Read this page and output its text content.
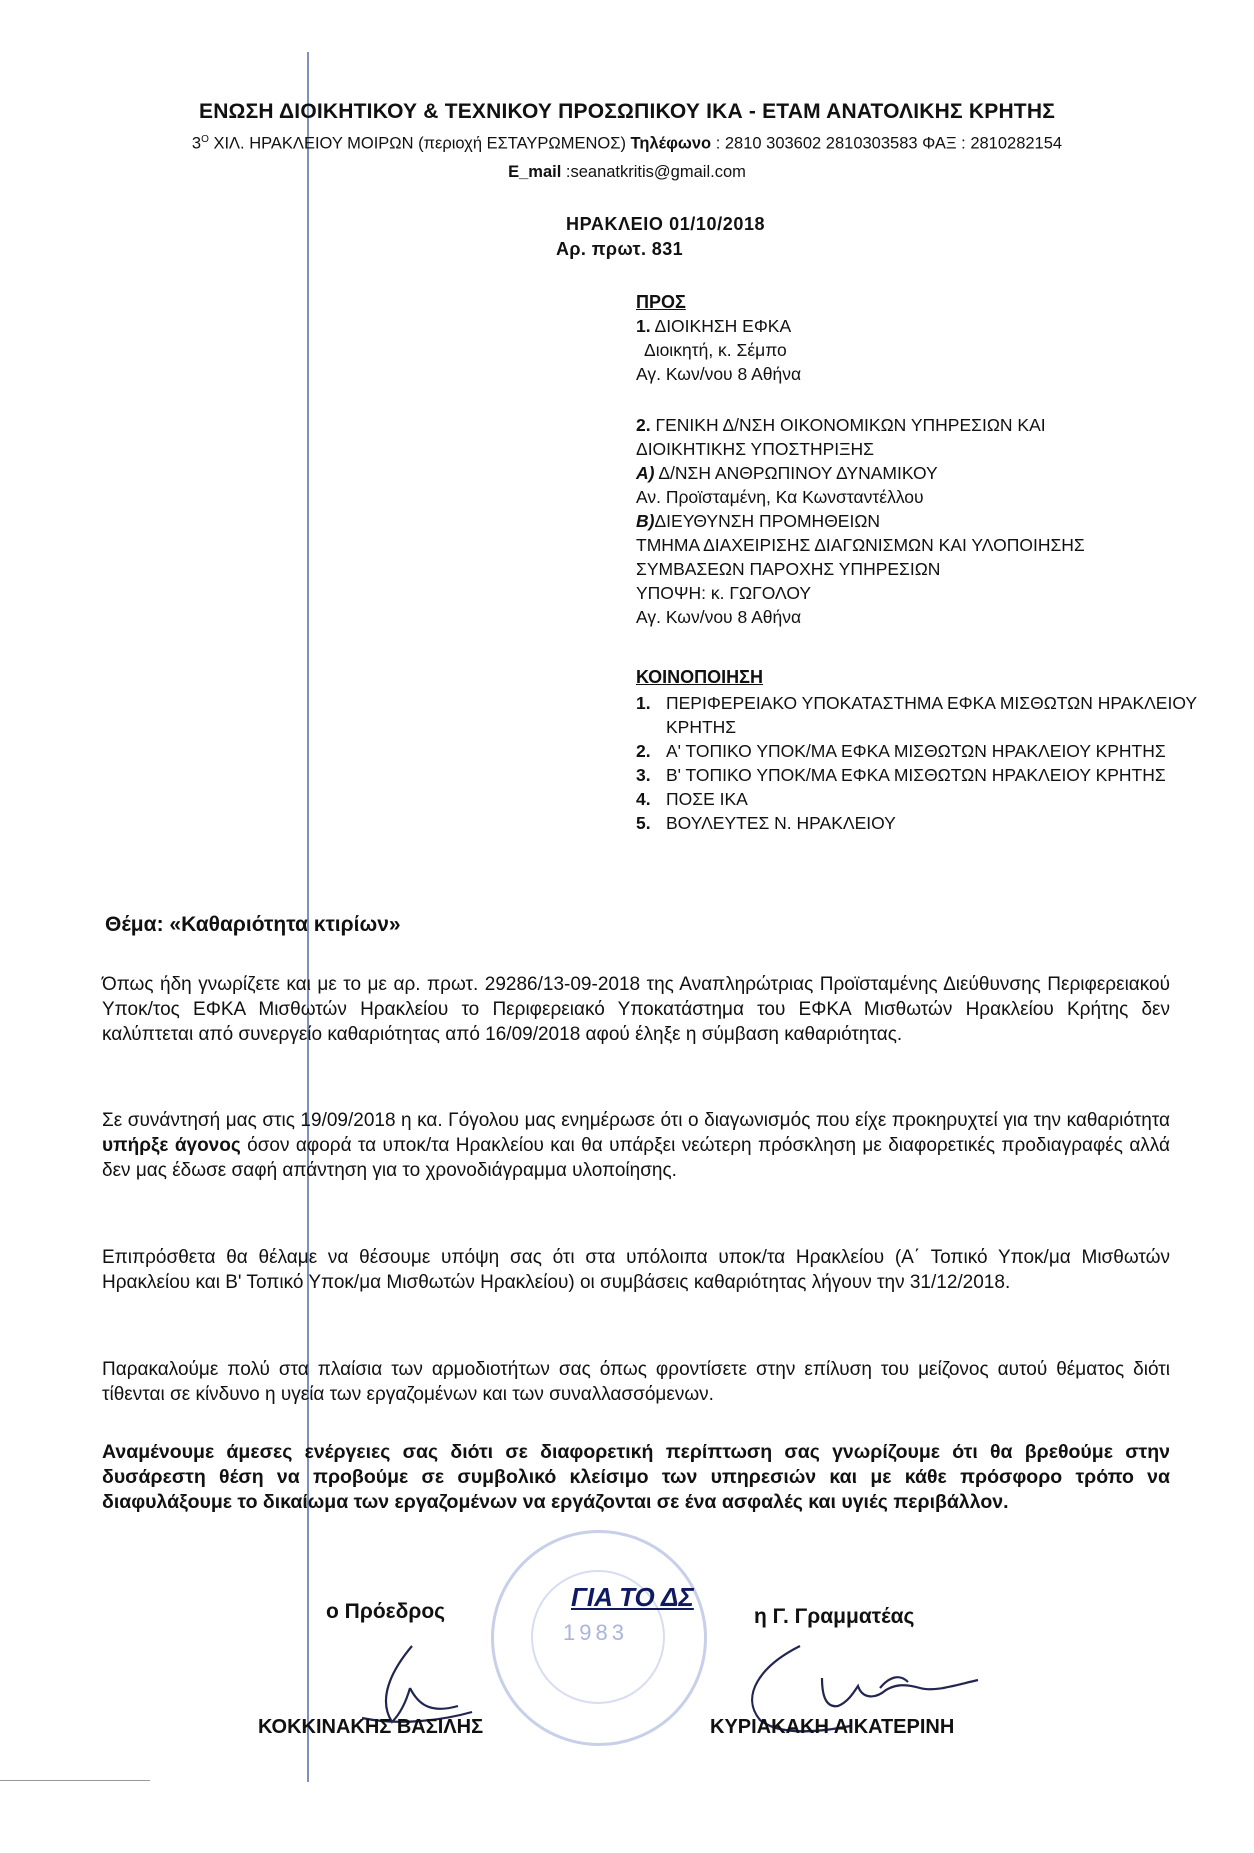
ΕΝΩΣΗ ΔΙΟΙΚΗΤΙΚΟΥ & ΤΕΧΝΙΚΟΥ ΠΡΟΣΩΠΙΚΟΥ ΙΚΑ - ΕΤΑΜ ΑΝΑΤΟΛΙΚΗΣ ΚΡΗΤΗΣ
$3^O$ ΧΙΛ. ΗΡΑΚΛΕΙΟΥ ΜΟΙΡΩΝ (περιοχή ΕΣΤΑΥΡΩΜΕΝΟΣ) Τηλέφωνο : 2810 303602 2810303583 ΦΑΞ : 2810282154
E_mail :seanatkritis@gmail.com
ΗΡΑΚΛΕΙΟ 01/10/2018
Αρ. πρωτ. 831
ΠΡΟΣ
1. ΔΙΟΙΚΗΣΗ ΕΦΚΑ
Διοικητή, κ. Σέμπο
Αγ. Κων/νου 8 Αθήνα
2. ΓΕΝΙΚΗ Δ/ΝΣΗ ΟΙΚΟΝΟΜΙΚΩΝ ΥΠΗΡΕΣΙΩΝ ΚΑΙ
ΔΙΟΙΚΗΤΙΚΗΣ ΥΠΟΣΤΗΡΙΞΗΣ
Α) Δ/ΝΣΗ ΑΝΘΡΩΠΙΝΟΥ ΔΥΝΑΜΙΚΟΥ
Αν. Προϊσταμένη, Κα Κωνσταντέλλου
Β)ΔΙΕΥΘΥΝΣΗ ΠΡΟΜΗΘΕΙΩΝ
ΤΜΗΜΑ ΔΙΑΧΕΙΡΙΣΗΣ ΔΙΑΓΩΝΙΣΜΩΝ ΚΑΙ ΥΛΟΠΟΙΗΣΗΣ
ΣΥΜΒΑΣΕΩΝ ΠΑΡΟΧΗΣ ΥΠΗΡΕΣΙΩΝ
ΥΠΟΨΗ: κ. ΓΩΓΟΛΟΥ
Αγ. Κων/νου 8 Αθήνα
ΚΟΙΝΟΠΟΙΗΣΗ
1. ΠΕΡΙΦΕΡΕΙΑΚΟ ΥΠΟΚΑΤΑΣΤΗΜΑ ΕΦΚΑ ΜΙΣΘΩΤΩΝ ΗΡΑΚΛΕΙΟΥ ΚΡΗΤΗΣ
2. Α' ΤΟΠΙΚΟ ΥΠΟΚ/ΜΑ ΕΦΚΑ ΜΙΣΘΩΤΩΝ ΗΡΑΚΛΕΙΟΥ ΚΡΗΤΗΣ
3. Β' ΤΟΠΙΚΟ ΥΠΟΚ/ΜΑ ΕΦΚΑ ΜΙΣΘΩΤΩΝ ΗΡΑΚΛΕΙΟΥ ΚΡΗΤΗΣ
4. ΠΟΣΕ ΙΚΑ
5. ΒΟΥΛΕΥΤΕΣ Ν. ΗΡΑΚΛΕΙΟΥ
Θέμα: «Καθαριότητα κτιρίων»
Όπως ήδη γνωρίζετε και με το με αρ. πρωτ. 29286/13-09-2018 της Αναπληρώτριας Προϊσταμένης Διεύθυνσης Περιφερειακού Υποκ/τος ΕΦΚΑ Μισθωτών Ηρακλείου το Περιφερειακό Υποκατάστημα του ΕΦΚΑ Μισθωτών Ηρακλείου Κρήτης δεν καλύπτεται από συνεργείο καθαριότητας από 16/09/2018 αφού έληξε η σύμβαση καθαριότητας.
Σε συνάντησή μας στις 19/09/2018 η κα. Γόγολου μας ενημέρωσε ότι ο διαγωνισμός που είχε προκηρυχτεί για την καθαριότητα υπήρξε άγονος όσον αφορά τα υποκ/τα Ηρακλείου και θα υπάρξει νεώτερη πρόσκληση με διαφορετικές προδιαγραφές αλλά δεν μας έδωσε σαφή απάντηση για το χρονοδιάγραμμα υλοποίησης.
Επιπρόσθετα θα θέλαμε να θέσουμε υπόψη σας ότι στα υπόλοιπα υποκ/τα Ηρακλείου (Α΄ Τοπικό Υποκ/μα Μισθωτών Ηρακλείου και Β' Τοπικό Υποκ/μα Μισθωτών Ηρακλείου) οι συμβάσεις καθαριότητας λήγουν την 31/12/2018.
Παρακαλούμε πολύ στα πλαίσια των αρμοδιοτήτων σας όπως φροντίσετε στην επίλυση του μείζονος αυτού θέματος διότι τίθενται σε κίνδυνο η υγεία των εργαζομένων και των συναλλασσόμενων.
Αναμένουμε άμεσες ενέργειες σας διότι σε διαφορετική περίπτωση σας γνωρίζουμε ότι θα βρεθούμε στην δυσάρεστη θέση να προβούμε σε συμβολικό κλείσιμο των υπηρεσιών και με κάθε πρόσφορο τρόπο να διαφυλάξουμε το δικαίωμα των εργαζομένων να εργάζονται σε ένα ασφαλές και υγιές περιβάλλον.
1983
ΓΙΑ ΤΟ ΔΣ
ο Πρόεδρος
ΚΟΚΚΙΝΑΚΗΣ ΒΑΣΙΛΗΣ
η Γ. Γραμματέας
ΚΥΡΙΑΚΑΚΗ ΑΙΚΑΤΕΡΙΝΗ
